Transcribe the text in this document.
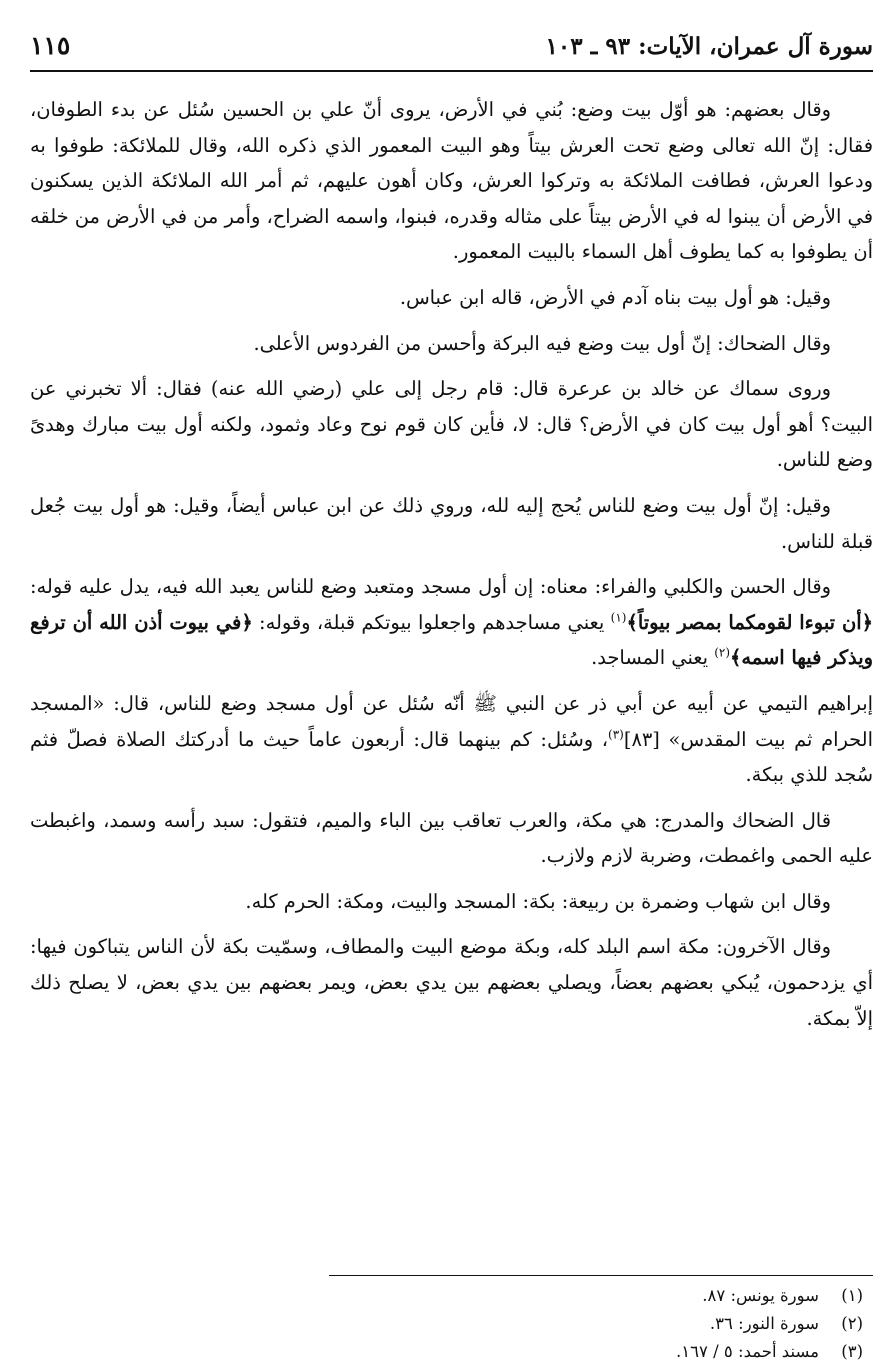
سورة آل عمران، الآيات: ٩٣ ـ ١٠٣
١١٥

وقال بعضهم: هو أوّل بيت وضع: بُني في الأرض، يروى أنّ علي بن الحسين سُئل عن بدء الطوفان، فقال: إنّ الله تعالى وضع تحت العرش بيتاً وهو البيت المعمور الذي ذكره الله، وقال للملائكة: طوفوا به ودعوا العرش، فطافت الملائكة به وتركوا العرش، وكان أهون عليهم، ثم أمر الله الملائكة الذين يسكنون في الأرض أن يبنوا له في الأرض بيتاً على مثاله وقدره، فبنوا، واسمه الضراح، وأمر من في الأرض من خلقه أن يطوفوا به كما يطوف أهل السماء بالبيت المعمور.

وقيل: هو أول بيت بناه آدم في الأرض، قاله ابن عباس.

وقال الضحاك: إنّ أول بيت وضع فيه البركة وأحسن من الفردوس الأعلى.

وروى سماك عن خالد بن عرعرة قال: قام رجل إلى علي (رضي الله عنه) فقال: ألا تخبرني عن البيت؟ أهو أول بيت كان في الأرض؟ قال: لا، فأين كان قوم نوح وعاد وثمود، ولكنه أول بيت مبارك وهدىً وضع للناس.

وقيل: إنّ أول بيت وضع للناس يُحج إليه لله، وروي ذلك عن ابن عباس أيضاً، وقيل: هو أول بيت جُعل قبلة للناس.

وقال الحسن والكلبي والفراء: معناه: إن أول مسجد ومتعبد وضع للناس يعبد الله فيه، يدل عليه قوله: ﴿أن تبوءا لقومكما بمصر بيوتاً﴾$^{(١)}$ يعني مساجدهم واجعلوا بيوتكم قبلة، وقوله: ﴿في بيوت أذن الله أن ترفع ويذكر فيها اسمه﴾$^{(٢)}$ يعني المساجد.

إبراهيم التيمي عن أبيه عن أبي ذر عن النبي ﷺ أنّه سُئل عن أول مسجد وضع للناس، قال: «المسجد الحرام ثم بيت المقدس» [٨٣]$^{(٣)}$، وسُئل: كم بينهما قال: أربعون عاماً حيث ما أدركتك الصلاة فصلّ فثم سُجد للذي ببكة.

قال الضحاك والمدرج: هي مكة، والعرب تعاقب بين الباء والميم، فتقول: سبد رأسه وسمد، واغبطت عليه الحمى واغمطت، وضربة لازم ولازب.

وقال ابن شهاب وضمرة بن ربيعة: بكة: المسجد والبيت، ومكة: الحرم كله.

وقال الآخرون: مكة اسم البلد كله، وبكة موضع البيت والمطاف، وسمّيت بكة لأن الناس يتباكون فيها: أي يزدحمون، يُبكي بعضهم بعضاً، ويصلي بعضهم بين يدي بعض، ويمر بعضهم بين يدي بعض، لا يصلح ذلك إلاّ بمكة.

(١)
سورة يونس: ٨٧.
(٢)
سورة النور: ٣٦.
(٣)
مسند أحمد: ٥ / ١٦٧.
